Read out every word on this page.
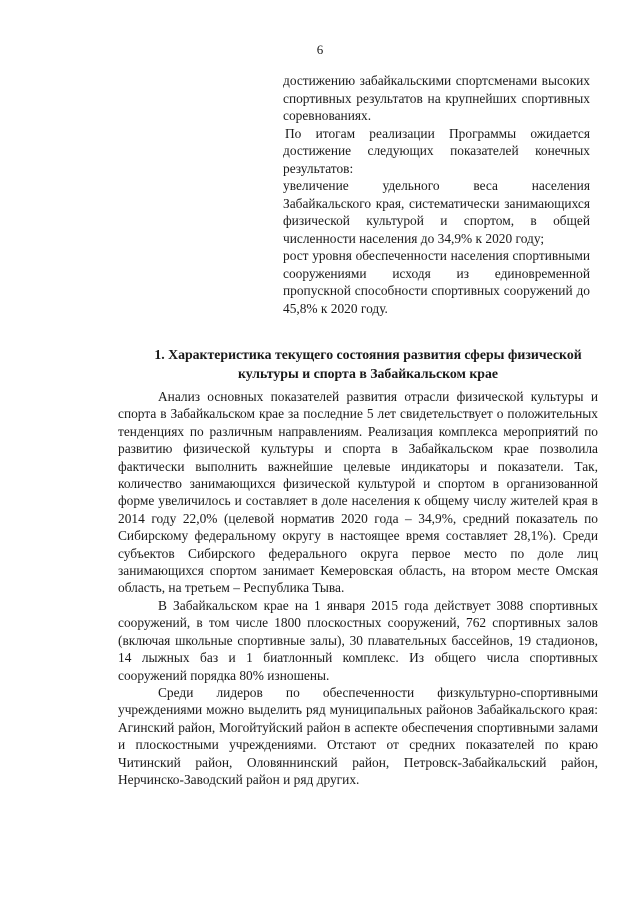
6

достижению забайкальскими спортсменами высоких спортивных результатов на крупнейших спортивных соревнованиях.

По итогам реализации Программы ожидается достижение следующих показателей конечных результатов:

увеличение удельного веса населения Забайкальского края, систематически занимающихся физической культурой и спортом, в общей численности населения до 34,9% к 2020 году;

рост уровня обеспеченности населения спортивными сооружениями исходя из единовременной пропускной способности спортивных сооружений до 45,8% к 2020 году.

1. Характеристика текущего состояния развития сферы физической
культуры и спорта в Забайкальском крае

Анализ основных показателей развития отрасли физической культуры и спорта в Забайкальском крае за последние 5 лет свидетельствует о положительных тенденциях по различным направлениям. Реализация комплекса мероприятий по развитию физической культуры и спорта в Забайкальском крае позволила фактически выполнить важнейшие целевые индикаторы и показатели. Так, количество занимающихся физической культурой и спортом в организованной форме увеличилось и составляет в доле населения к общему числу жителей края в 2014 году 22,0% (целевой норматив 2020 года – 34,9%, средний показатель по Сибирскому федеральному округу в настоящее время составляет 28,1%). Среди субъектов Сибирского федерального округа первое место по доле лиц занимающихся спортом занимает Кемеровская область, на втором месте Омская область, на третьем – Республика Тыва.

В Забайкальском крае на 1 января 2015 года действует 3088 спортивных сооружений, в том числе 1800 плоскостных сооружений, 762 спортивных залов (включая школьные спортивные залы), 30 плавательных бассейнов, 19 стадионов, 14 лыжных баз и 1 биатлонный комплекс. Из общего числа спортивных сооружений порядка 80% изношены.

Среди лидеров по обеспеченности физкультурно-спортивными учреждениями можно выделить ряд муниципальных районов Забайкальского края: Агинский район, Могойтуйский район в аспекте обеспечения спортивными залами и плоскостными учреждениями. Отстают от средних показателей по краю Читинский район, Оловяннинский район, Петровск-Забайкальский район, Нерчинско-Заводский район и ряд других.
